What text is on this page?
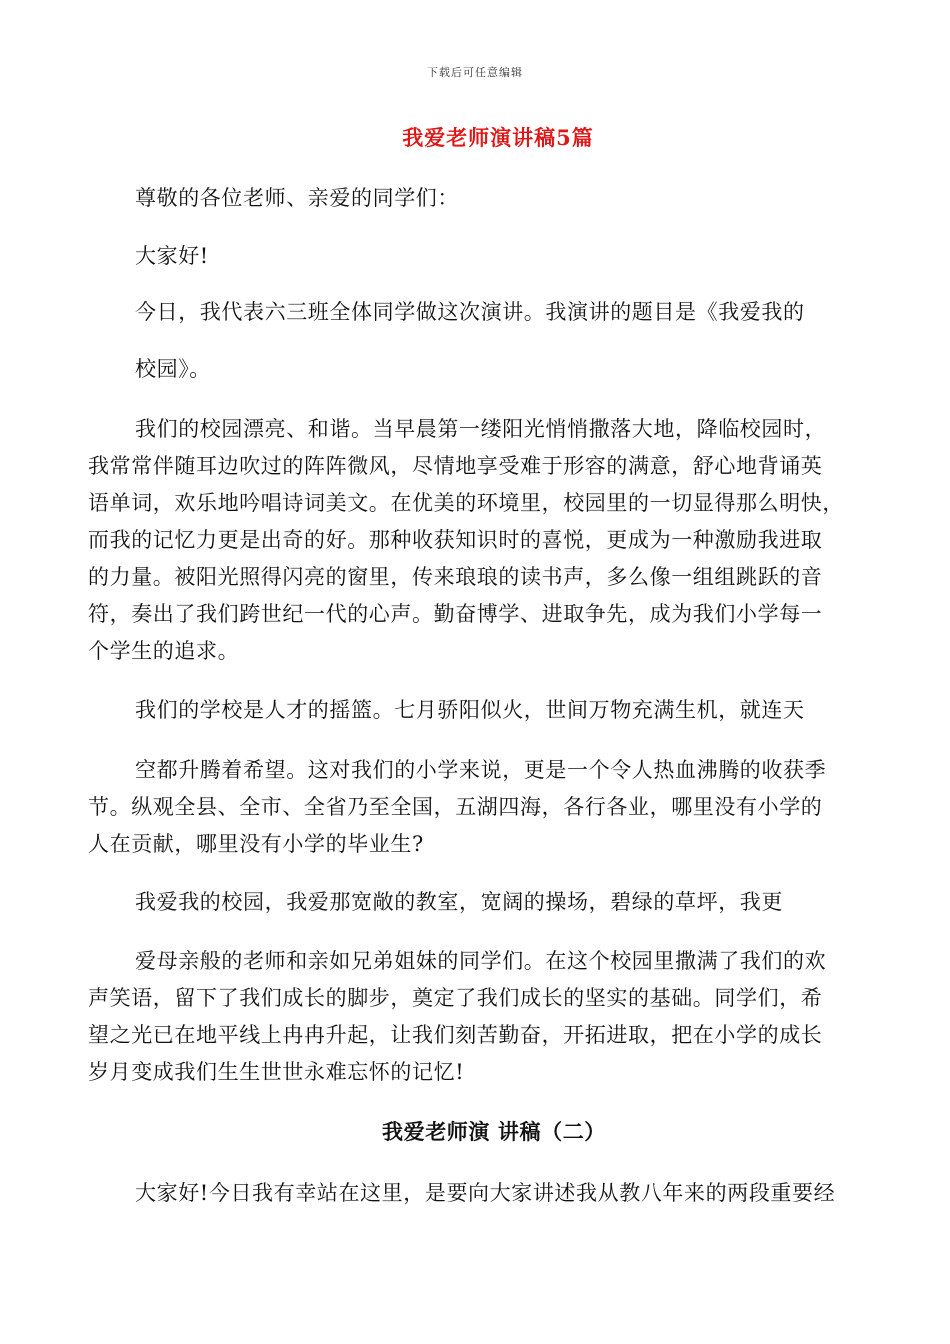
下载后可任意编辑
我爱老师演讲稿5篇
尊敬的各位老师、亲爱的同学们：
大家好!
今日，我代表六三班全体同学做这次演讲。我演讲的题目是《我爱我的
校园》。
我们的校园漂亮、和谐。当早晨第一缕阳光悄悄撒落大地，降临校园时，
我常常伴随耳边吹过的阵阵微风，尽情地享受难于形容的满意，舒心地背诵英
语单词，欢乐地吟唱诗词美文。在优美的环境里，校园里的一切显得那么明快，
而我的记忆力更是出奇的好。那种收获知识时的喜悦，更成为一种激励我进取
的力量。被阳光照得闪亮的窗里，传来琅琅的读书声，多么像一组组跳跃的音
符，奏出了我们跨世纪一代的心声。勤奋博学、进取争先，成为我们小学每一
个学生的追求。
我们的学校是人才的摇篮。七月骄阳似火，世间万物充满生机，就连天
空都升腾着希望。这对我们的小学来说，更是一个令人热血沸腾的收获季
节。纵观全县、全市、全省乃至全国，五湖四海，各行各业，哪里没有小学的
人在贡献，哪里没有小学的毕业生?
我爱我的校园，我爱那宽敞的教室，宽阔的操场，碧绿的草坪，我更
爱母亲般的老师和亲如兄弟姐妹的同学们。在这个校园里撒满了我们的欢
声笑语，留下了我们成长的脚步，奠定了我们成长的坚实的基础。同学们，希
望之光已在地平线上冉冉升起，让我们刻苦勤奋，开拓进取，把在小学的成长
岁月变成我们生生世世永难忘怀的记忆!
我爱老师演 讲稿（二）
大家好!今日我有幸站在这里，是要向大家讲述我从教八年来的两段重要经
